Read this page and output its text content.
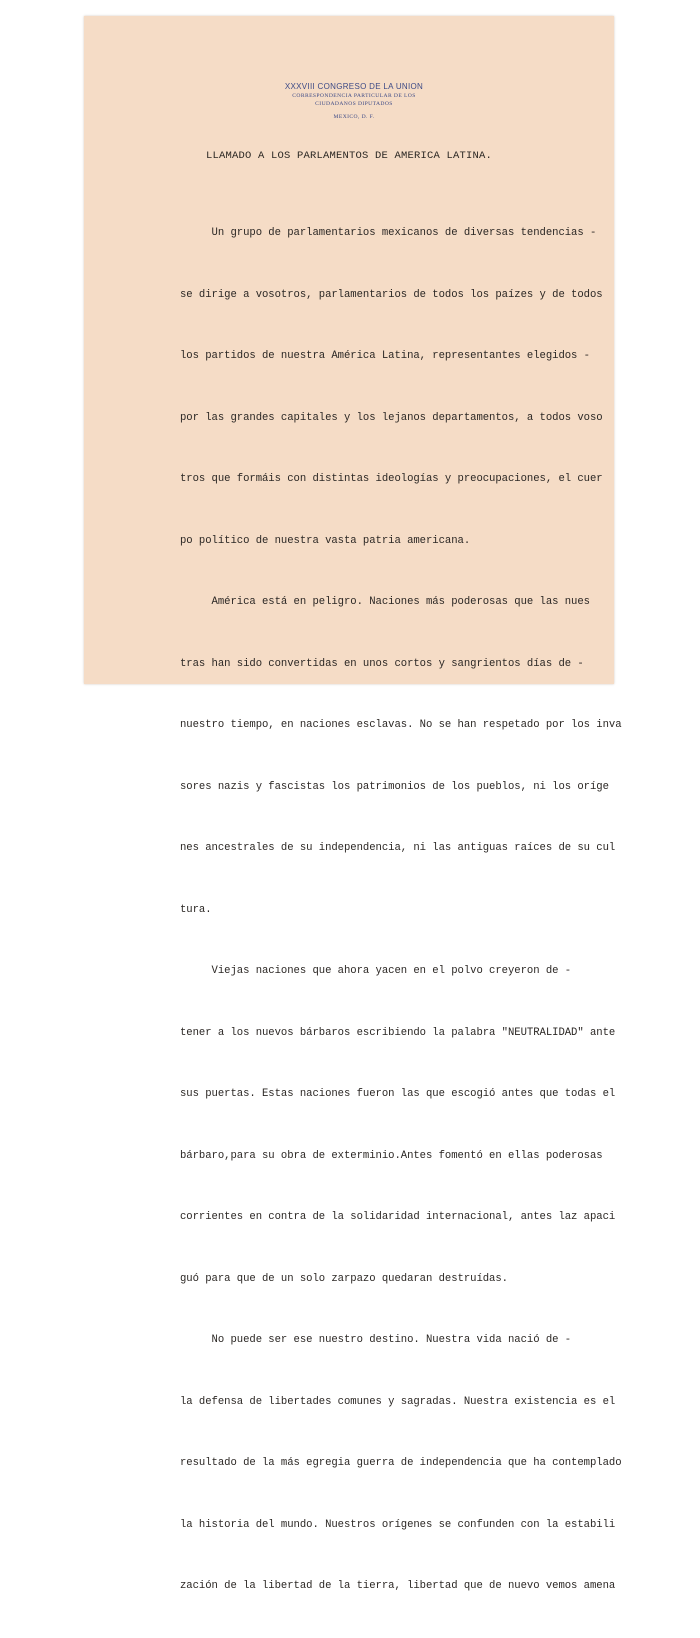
XXXVIII CONGRESO DE LA UNION
CORRESPONDENCIA PARTICULAR DE LOS
CIUDADANOS DIPUTADOS
MEXICO, D. F.
LLAMADO A LOS PARLAMENTOS DE AMERICA LATINA.

Un grupo de parlamentarios mexicanos de diversas tendencias -

se dirige a vosotros, parlamentarios de todos los paízes y de todos

los partidos de nuestra América Latina, representantes elegidos -

por las grandes capitales y los lejanos departamentos, a todos voso

tros que formáis con distintas ideologías y preocupaciones, el cuer

po político de nuestra vasta patria americana.

América está en peligro. Naciones más poderosas que las nues

tras han sido convertidas en unos cortos y sangrientos días de -

nuestro tiempo, en naciones esclavas. No se han respetado por los inva

sores nazis y fascistas los patrimonios de los pueblos, ni los oríge

nes ancestrales de su independencia, ni las antiguas raíces de su cul

tura.

Viejas naciones que ahora yacen en el polvo creyeron de -

tener a los nuevos bárbaros escribiendo la palabra "NEUTRALIDAD" ante

sus puertas. Estas naciones fueron las que escogió antes que todas el

bárbaro,para su obra de exterminio.Antes fomentó en ellas poderosas

corrientes en contra de la solidaridad internacional, antes laz apaci

guó para que de un solo zarpazo quedaran destruídas.

No puede ser ese nuestro destino. Nuestra vida nació de -

la defensa de libertades comunes y sagradas. Nuestra existencia es el

resultado de la más egregia guerra de independencia que ha contemplado

la historia del mundo. Nuestros orígenes se confunden con la estabili

zación de la libertad de la tierra, libertad que de nuevo vemos amena
